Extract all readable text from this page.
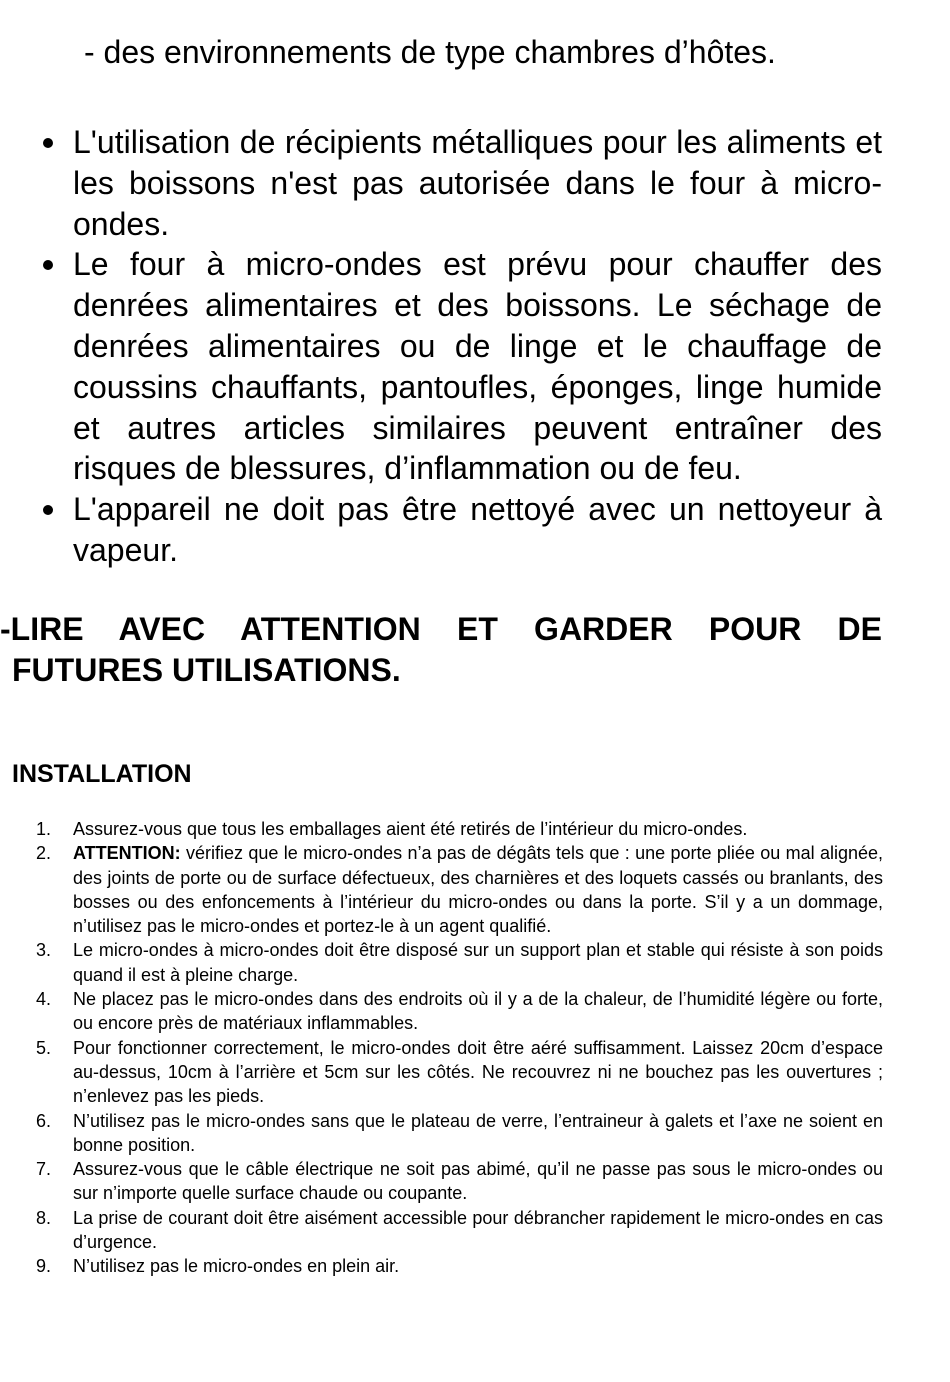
- des environnements de type chambres d’hôtes.
L'utilisation de récipients métalliques pour les aliments et les boissons n'est pas autorisée dans le four à micro-ondes.
Le four à micro-ondes est prévu pour chauffer des denrées alimentaires et des boissons. Le séchage de denrées alimentaires ou de linge et le chauffage de coussins chauffants, pantoufles, éponges, linge humide et autres articles similaires peuvent entraîner des risques de blessures, d’inflammation ou de feu.
L'appareil ne doit pas être nettoyé avec un nettoyeur à vapeur.
-LIRE AVEC ATTENTION ET GARDER POUR DE
FUTURES UTILISATIONS.
INSTALLATION
1. Assurez-vous que tous les emballages aient été retirés de l’intérieur du micro-ondes.
2. ATTENTION: vérifiez que le micro-ondes n’a pas de dégâts tels que : une porte pliée ou mal alignée, des joints de porte ou de surface défectueux, des charnières et des loquets cassés ou branlants, des bosses ou des enfoncements à l’intérieur du micro-ondes ou dans la porte. S’il y a un dommage, n’utilisez pas le micro-ondes et portez-le à un agent qualifié.
3. Le micro-ondes à micro-ondes doit être disposé sur un support plan et stable qui résiste à son poids quand il est à pleine charge.
4. Ne placez pas le micro-ondes dans des endroits où il y a de la chaleur, de l’humidité légère ou forte, ou encore près de matériaux inflammables.
5. Pour fonctionner correctement, le micro-ondes doit être aéré suffisamment. Laissez 20cm d’espace au-dessus, 10cm à l’arrière et 5cm sur les côtés. Ne recouvrez ni ne bouchez pas les ouvertures ; n’enlevez pas les pieds.
6. N’utilisez pas le micro-ondes sans que le plateau de verre, l’entraineur à galets et l’axe ne soient en bonne position.
7. Assurez-vous que le câble électrique ne soit pas abimé, qu’il ne passe pas sous le micro-ondes ou sur n’importe quelle surface chaude ou coupante.
8. La prise de courant doit être aisément accessible pour débrancher rapidement le micro-ondes en cas d’urgence.
9. N’utilisez pas le micro-ondes en plein air.
